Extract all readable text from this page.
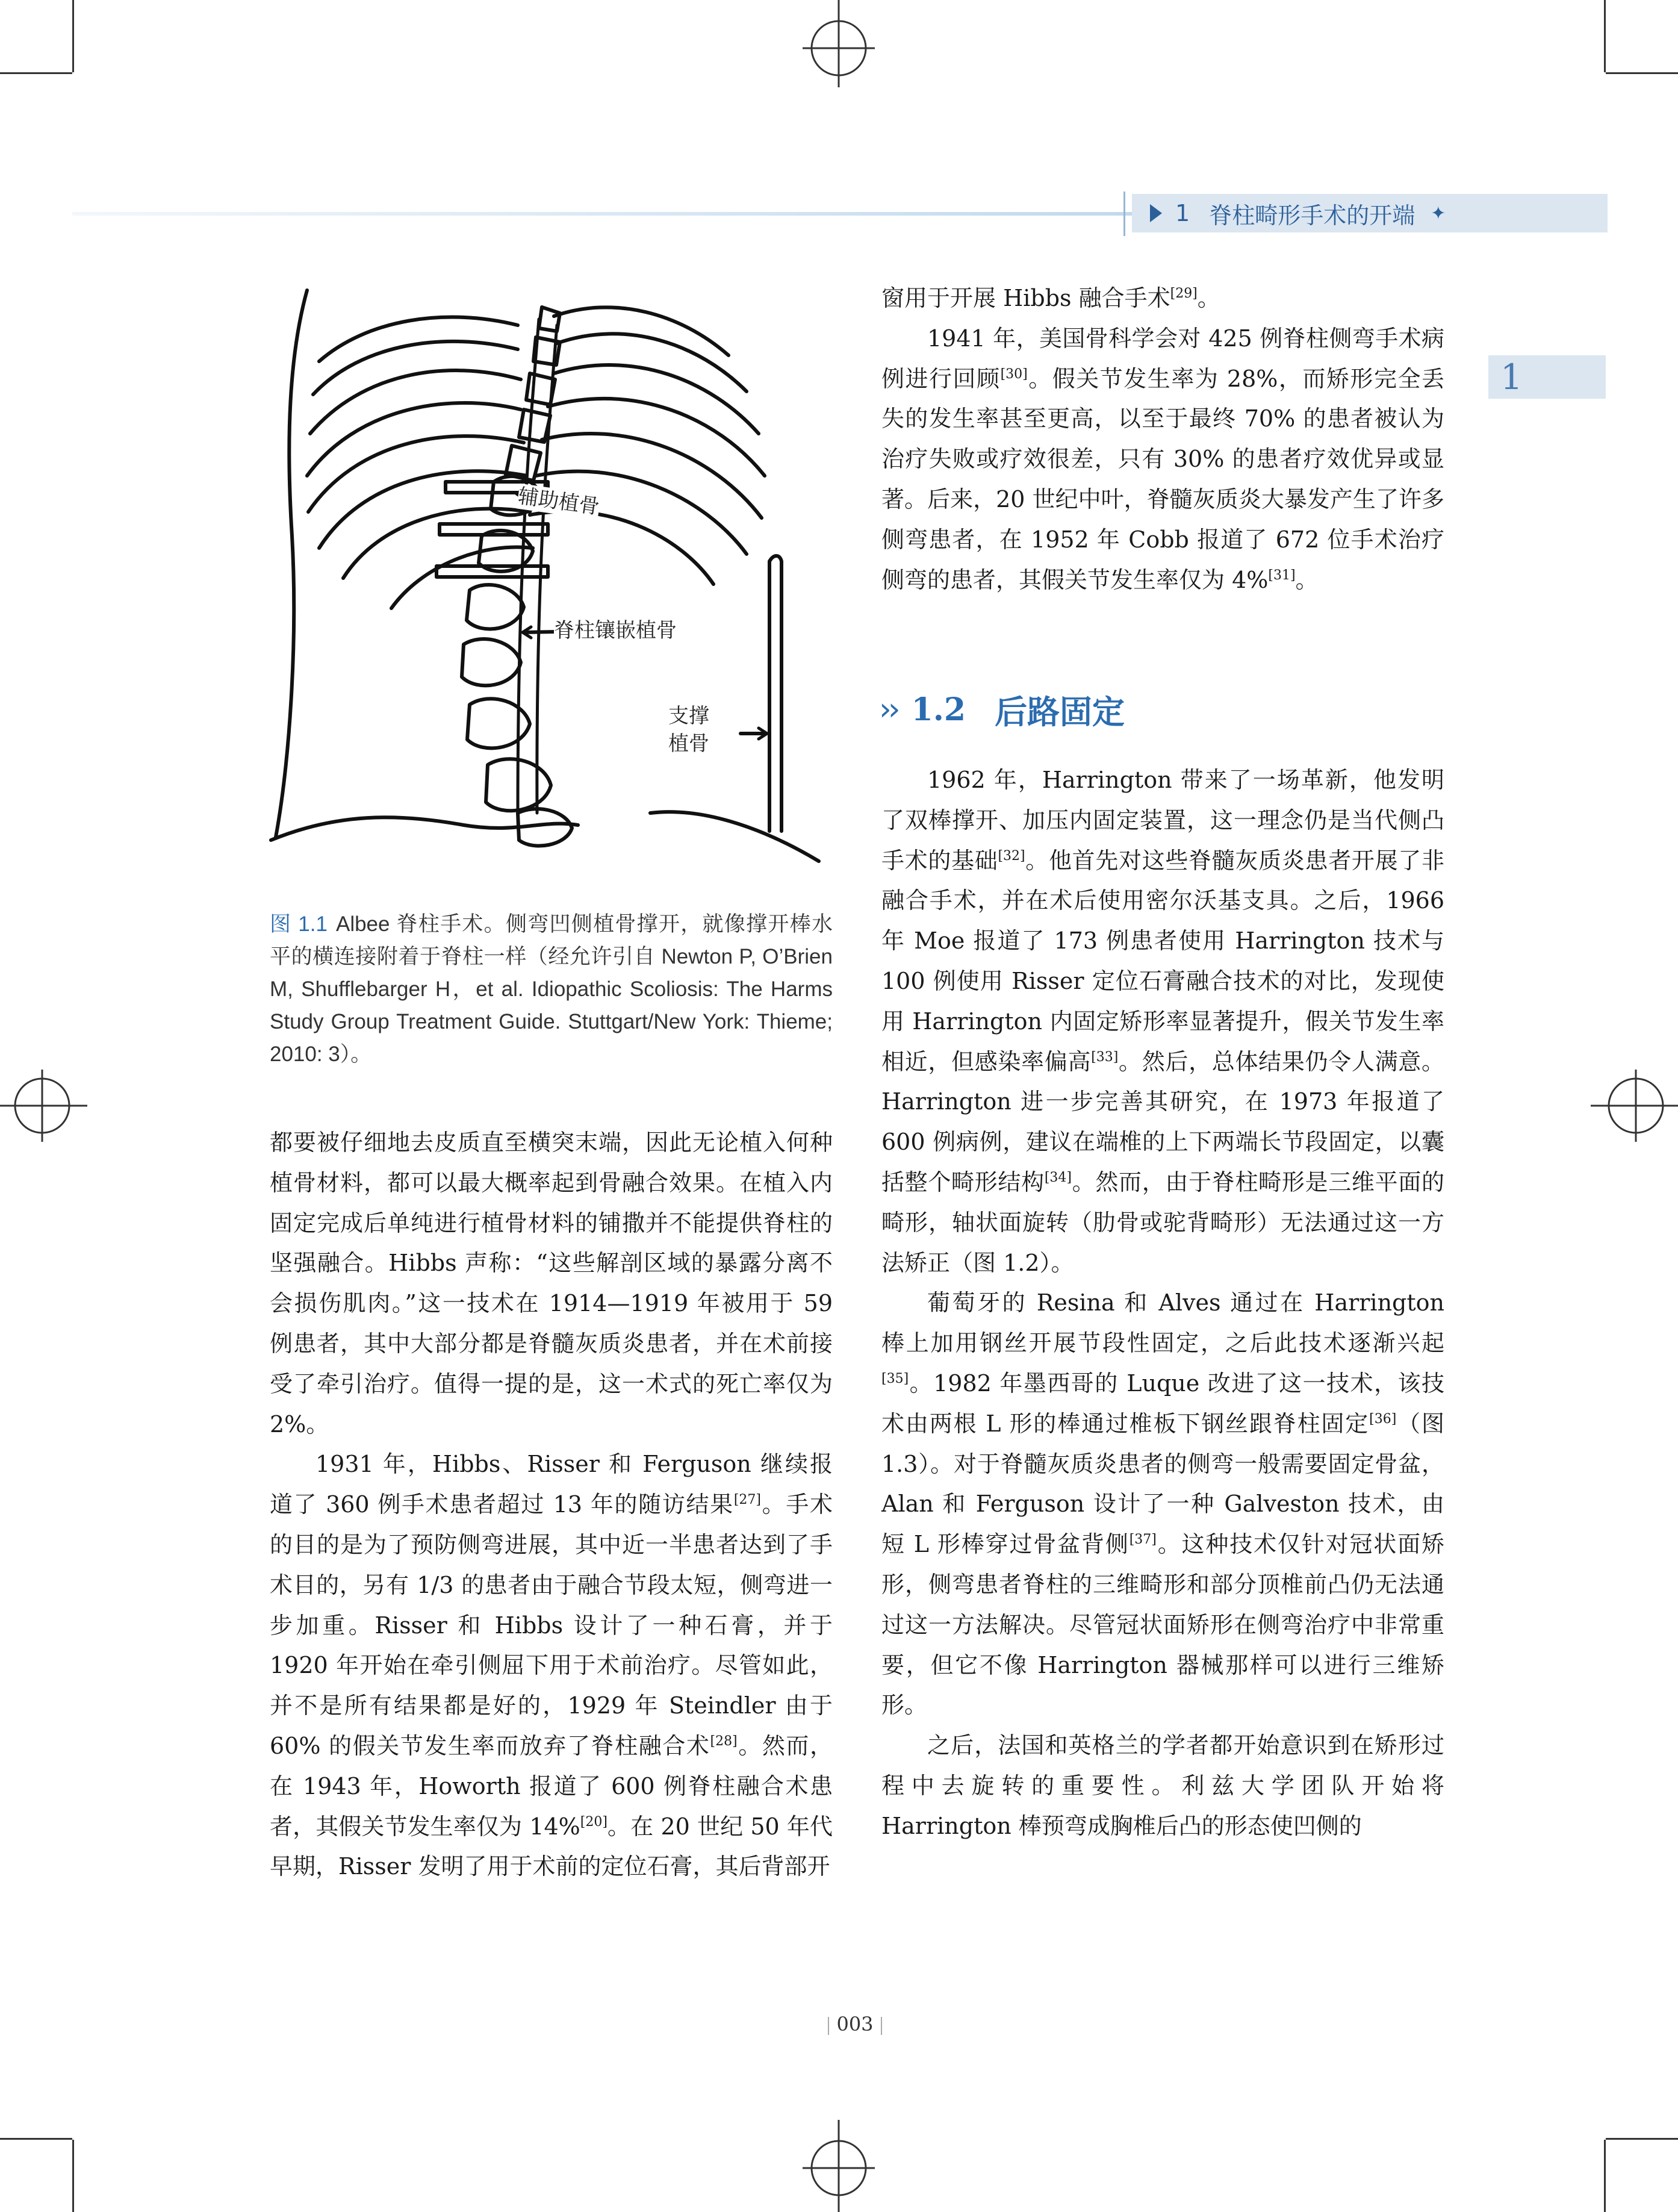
1 脊柱畸形手术的开端 ✦
1
辅助植骨
脊柱镶嵌植骨
支撑
植骨
图 1.1 Albee 脊柱手术。侧弯凹侧植骨撑开，就像撑开棒水平的横连接附着于脊柱一样（经允许引自 Newton P, O’Brien M, Shufflebarger H，et al. Idiopathic Scoliosis: The Harms Study Group Treatment Guide. Stuttgart/New York: Thieme; 2010: 3）。

都要被仔细地去皮质直至横突末端，因此无论植入何种植骨材料，都可以最大概率起到骨融合效果。在植入内固定完成后单纯进行植骨材料的铺撒并不能提供脊柱的坚强融合。Hibbs 声称：“这些解剖区域的暴露分离不会损伤肌肉。”这一技术在 1914—1919 年被用于 59 例患者，其中大部分都是脊髓灰质炎患者，并在术前接受了牵引治疗。值得一提的是，这一术式的死亡率仅为 2%。

1931 年，Hibbs、Risser 和 Ferguson 继续报道了 360 例手术患者超过 13 年的随访结果[27]。手术的目的是为了预防侧弯进展，其中近一半患者达到了手术目的，另有 1/3 的患者由于融合节段太短，侧弯进一步加重。Risser 和 Hibbs 设计了一种石膏，并于 1920 年开始在牵引侧屈下用于术前治疗。尽管如此，并不是所有结果都是好的，1929 年 Steindler 由于 60% 的假关节发生率而放弃了脊柱融合术[28]。然而，在 1943 年，Howorth 报道了 600 例脊柱融合术患者，其假关节发生率仅为 14%[20]。在 20 世纪 50 年代早期，Risser 发明了用于术前的定位石膏，其后背部开

窗用于开展 Hibbs 融合手术[29]。

1941 年，美国骨科学会对 425 例脊柱侧弯手术病例进行回顾[30]。假关节发生率为 28%，而矫形完全丢失的发生率甚至更高，以至于最终 70% 的患者被认为治疗失败或疗效很差，只有 30% 的患者疗效优异或显著。后来，20 世纪中叶，脊髓灰质炎大暴发产生了许多侧弯患者，在 1952 年 Cobb 报道了 672 位手术治疗侧弯的患者，其假关节发生率仅为 4%[31]。

›› 1.2 后路固定

1962 年，Harrington 带来了一场革新，他发明了双棒撑开、加压内固定装置，这一理念仍是当代侧凸手术的基础[32]。他首先对这些脊髓灰质炎患者开展了非融合手术，并在术后使用密尔沃基支具。之后，1966 年 Moe 报道了 173 例患者使用 Harrington 技术与 100 例使用 Risser 定位石膏融合技术的对比，发现使用 Harrington 内固定矫形率显著提升，假关节发生率相近，但感染率偏高[33]。然后，总体结果仍令人满意。Harrington 进一步完善其研究，在 1973 年报道了 600 例病例，建议在端椎的上下两端长节段固定，以囊括整个畸形结构[34]。然而，由于脊柱畸形是三维平面的畸形，轴状面旋转（肋骨或驼背畸形）无法通过这一方法矫正（图 1.2）。

葡萄牙的 Resina 和 Alves 通过在 Harrington 棒上加用钢丝开展节段性固定，之后此技术逐渐兴起[35]。1982 年墨西哥的 Luque 改进了这一技术，该技术由两根 L 形的棒通过椎板下钢丝跟脊柱固定[36]（图 1.3）。对于脊髓灰质炎患者的侧弯一般需要固定骨盆，Alan 和 Ferguson 设计了一种 Galveston 技术，由短 L 形棒穿过骨盆背侧[37]。这种技术仅针对冠状面矫形，侧弯患者脊柱的三维畸形和部分顶椎前凸仍无法通过这一方法解决。尽管冠状面矫形在侧弯治疗中非常重要，但它不像 Harrington 器械那样可以进行三维矫形。

之后，法国和英格兰的学者都开始意识到在矫形过程中去旋转的重要性。利兹大学团队开始将 Harrington 棒预弯成胸椎后凸的形态使凹侧的

003
